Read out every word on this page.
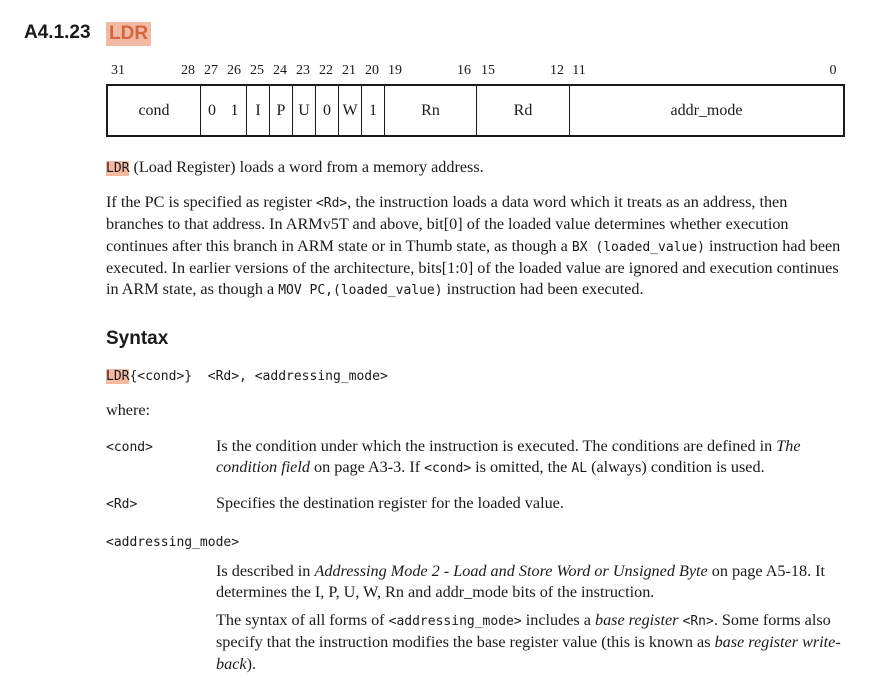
A4.1.23 LDR
31	28 27 26 25 24 23 22 21 20 19	16 15	12 11	0
cond	0 1	I P U 0 W 1	Rn	Rd	addr_mode
LDR (Load Register) loads a word from a memory address.
If the PC is specified as register <Rd>, the instruction loads a data word which it treats as an address, then branches to that address. In ARMv5T and above, bit[0] of the loaded value determines whether execution continues after this branch in ARM state or in Thumb state, as though a BX (loaded_value) instruction had been executed. In earlier versions of the architecture, bits[1:0] of the loaded value are ignored and execution continues in ARM state, as though a MOV PC,(loaded_value) instruction had been executed.
Syntax
LDR{<cond>}  <Rd>, <addressing_mode>
where:
<cond>	Is the condition under which the instruction is executed. The conditions are defined in The condition field on page A3-3. If <cond> is omitted, the AL (always) condition is used.
<Rd>	Specifies the destination register for the loaded value.
<addressing_mode>
Is described in Addressing Mode 2 - Load and Store Word or Unsigned Byte on page A5-18. It determines the I, P, U, W, Rn and addr_mode bits of the instruction.
The syntax of all forms of <addressing_mode> includes a base register <Rn>. Some forms also specify that the instruction modifies the base register value (this is known as base register write-back).
